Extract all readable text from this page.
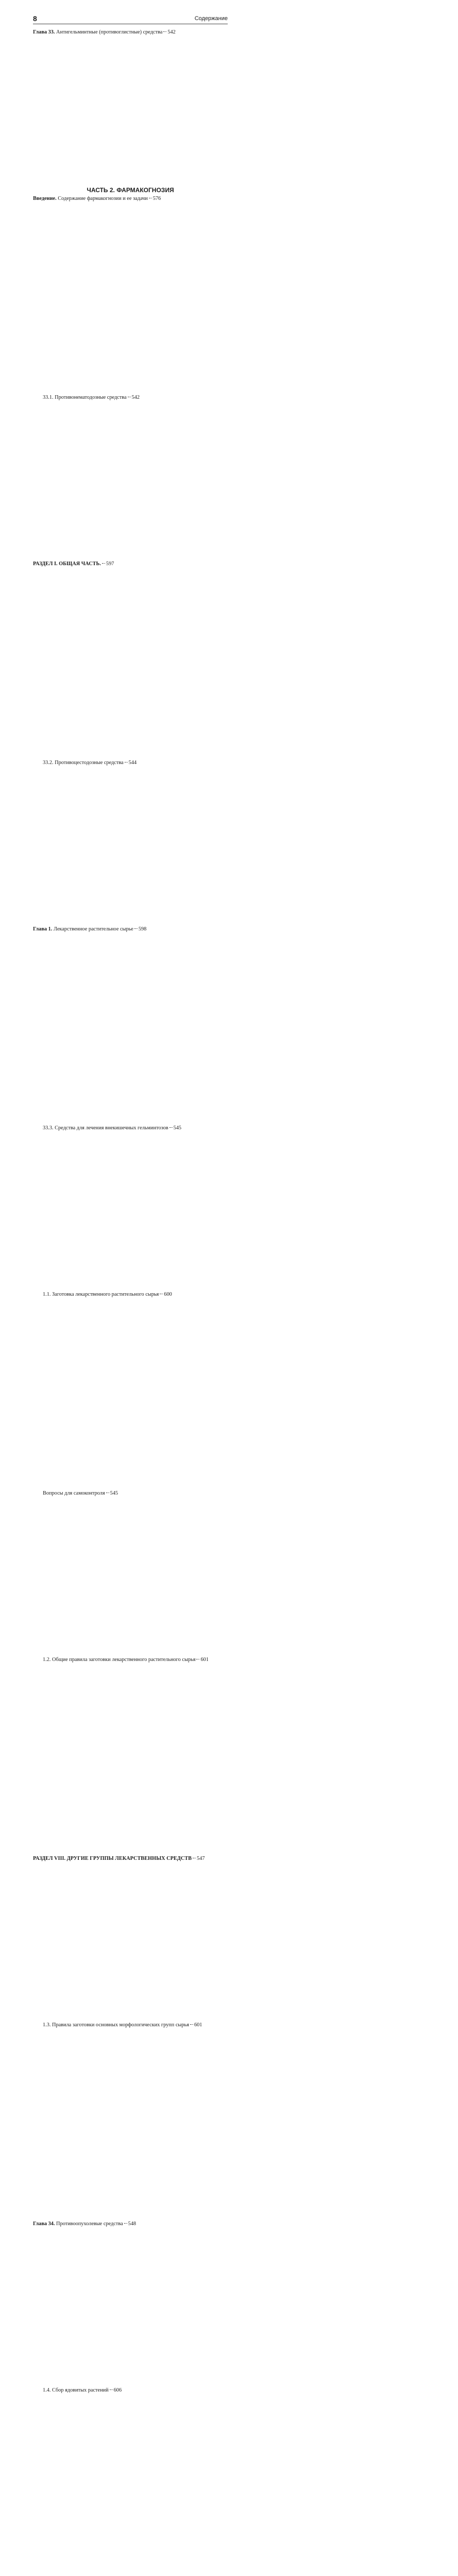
8	Содержание
Глава 33. Антигельминтные (противоглистные) средства 542
33.1. Противонематодозные средства 542
33.2. Противоцестодозные средства 544
33.3. Средства для лечения внекишечных гельминтозов 545
Вопросы для самоконтроля 545
РАЗДЕЛ VIII. ДРУГИЕ ГРУППЫ ЛЕКАРСТВЕННЫХ СРЕДСТВ 547
Глава 34. Противоопухолевые средства 548
ЧАСТЬ 2. ФАРМАКОГНОЗИЯ
Введение. Содержание фармакогнозии и ее задачи 576
РАЗДЕЛ I. ОБЩАЯ ЧАСТЬ. 597
Глава 1. Лекарственное растительное сырье 598
1.1. Заготовка лекарственного растительного сырья 600
1.2. Общие правила заготовки лекарственного растительного сырья 601
1.3. Правила заготовки основных морфологических групп сырья 601
1.4. Сбор ядовитых растений 606
